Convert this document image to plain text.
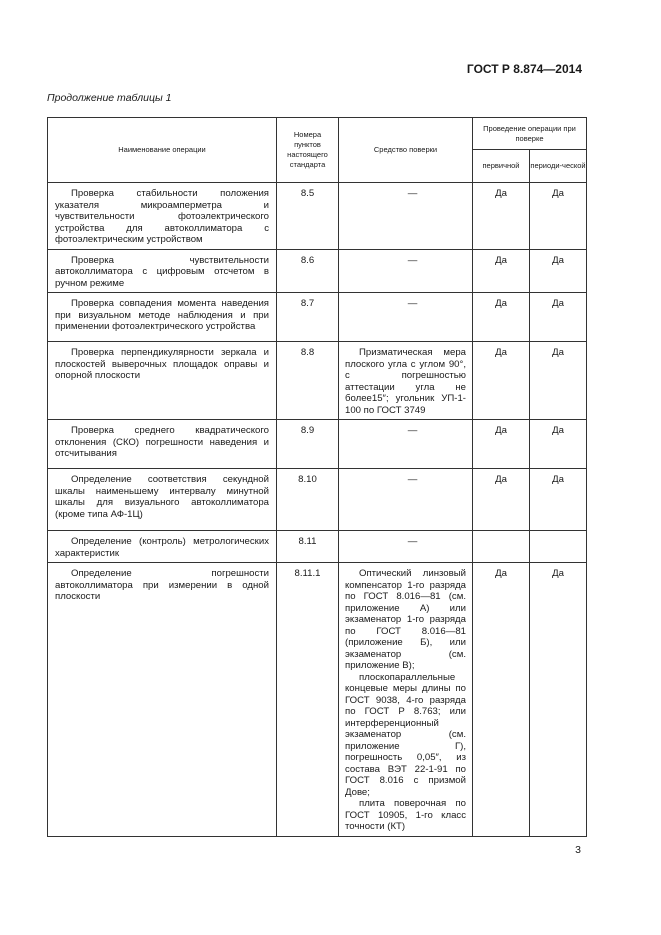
ГОСТ Р 8.874—2014
Продолжение таблицы 1
Наименование операции	Номера пунктов настоящего стандарта	Средство поверки	Проведение операции при поверке	
			первичной	периоди-ческой

Проверка стабильности положения указателя микроамперметра и чувствительности фотоэлектрического устройства для автоколлиматора с фотоэлектрическим устройством	8.5	—	Да	Да

Проверка чувствительности автоколлиматора с цифровым отсчетом в ручном режиме	8.6	—	Да	Да

Проверка совпадения момента наведения при визуальном методе наблюдения и при применении фотоэлектрического устройства	8.7	—	Да	Да

Проверка перпендикулярности зеркала и плоскостей выверочных площадок оправы и опорной плоскости	8.8	Призматическая мера плоского угла с углом 90°, с погрешностью аттестации угла не более15″; угольник УП-1-100 по ГОСТ 3749	Да	Да

Проверка среднего квадратического отклонения (СКО) погрешности наведения и отсчитывания	8.9	—	Да	Да

Определение соответствия секундной шкалы наименьшему интервалу минутной шкалы для визуального автоколлиматора (кроме типа АФ-1Ц)	8.10	—	Да	Да

Определение (контроль) метрологических характеристик	8.11	—		

Определение погрешности автоколлиматора при измерении в одной плоскости	8.11.1	Оптический линзовый компенсатор 1-го разряда по ГОСТ 8.016—81 (см. приложение А) или экзаменатор 1-го разряда по ГОСТ 8.016—81 (приложение Б), или экзаменатор (см. приложение В);

плоскопараллельные концевые меры длины по ГОСТ 9038, 4-го разряда по ГОСТ Р 8.763; или интерференционный экзаменатор (см. приложение Г), погрешность 0,05″, из состава ВЭТ 22-1-91 по ГОСТ 8.016 с призмой Дове;

плита поверочная по ГОСТ 10905, 1-го класс точности (КТ)	Да	Да
3
